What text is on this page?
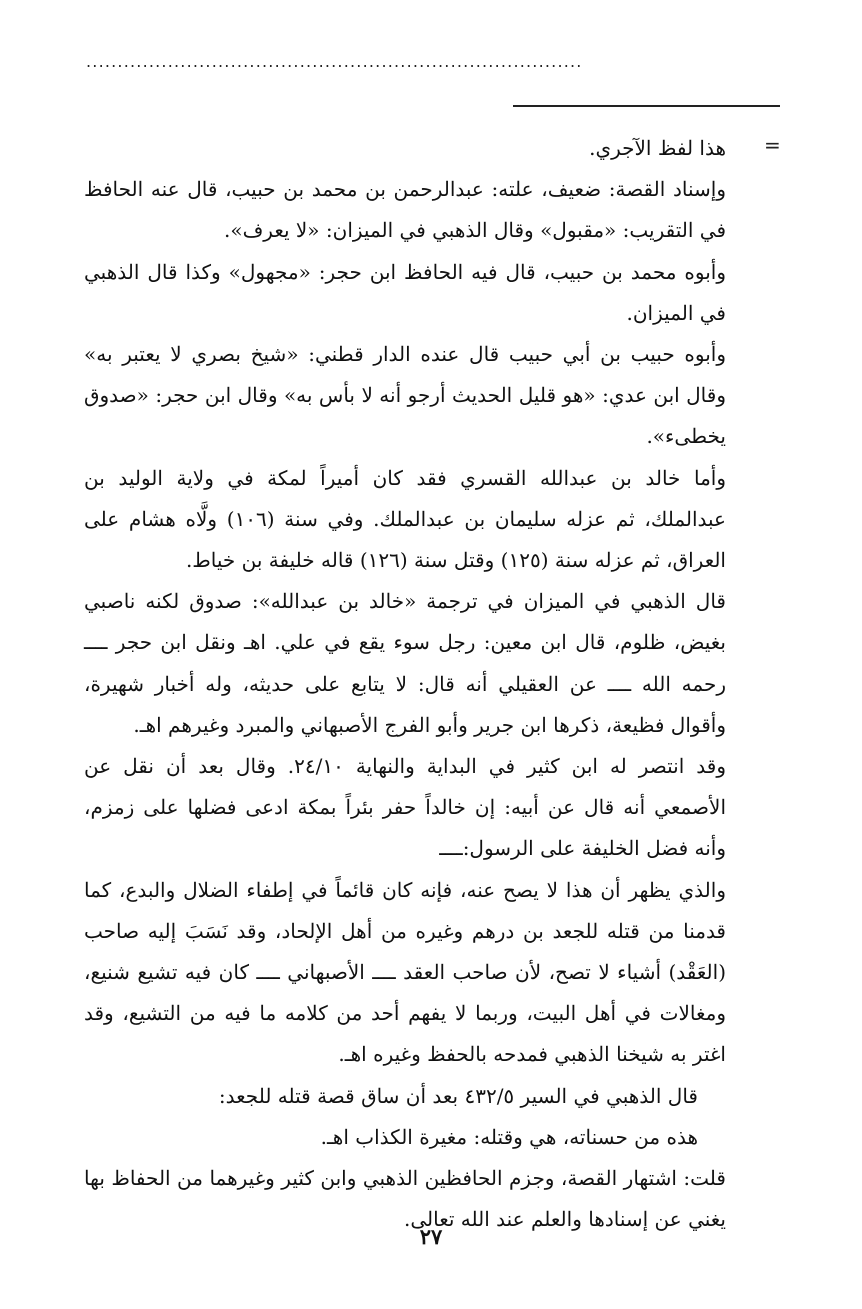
...............................................................................
=

هذا لفظ الآجري.

وإسناد القصة: ضعيف، علته: عبدالرحمن بن محمد بن حبيب، قال عنه الحافظ في التقريب: «مقبول» وقال الذهبي في الميزان: «لا يعرف».

وأبوه محمد بن حبيب، قال فيه الحافظ ابن حجر: «مجهول» وكذا قال الذهبي في الميزان.

وأبوه حبيب بن أبي حبيب قال عنده الدار قطني: «شيخ بصري لا يعتبر به» وقال ابن عدي: «هو قليل الحديث أرجو أنه لا بأس به» وقال ابن حجر: «صدوق يخطىء».

وأما خالد بن عبدالله القسري فقد كان أميراً لمكة في ولاية الوليد بن عبدالملك، ثم عزله سليمان بن عبدالملك. وفي سنة (١٠٦) ولَّاه هشام على العراق، ثم عزله سنة (١٢٥) وقتل سنة (١٢٦) قاله خليفة بن خياط.

قال الذهبي في الميزان في ترجمة «خالد بن عبدالله»: صدوق لكنه ناصبي بغيض، ظلوم، قال ابن معين: رجل سوء يقع في علي. اهـ ونقل ابن حجر ــــ رحمه الله ــــ عن العقيلي أنه قال: لا يتابع على حديثه، وله أخبار شهيرة، وأقوال فظيعة، ذكرها ابن جرير وأبو الفرج الأصبهاني والمبرد وغيرهم اهـ.

وقد انتصر له ابن كثير في البداية والنهاية ٢٤/١٠. وقال بعد أن نقل عن الأصمعي أنه قال عن أبيه: إن خالداً حفر بئراً بمكة ادعى فضلها على زمزم، وأنه فضل الخليفة على الرسول:ــــ

والذي يظهر أن هذا لا يصح عنه، فإنه كان قائماً في إطفاء الضلال والبدع، كما قدمنا من قتله للجعد بن درهم وغيره من أهل الإلحاد، وقد نَسَبَ إليه صاحب (العَقْد) أشياء لا تصح، لأن صاحب العقد ــــ الأصبهاني ــــ كان فيه تشيع شنيع، ومغالات في أهل البيت، وربما لا يفهم أحد من كلامه ما فيه من التشيع، وقد اغتر به شيخنا الذهبي فمدحه بالحفظ وغيره اهـ.

قال الذهبي في السير ٤٣٢/٥ بعد أن ساق قصة قتله للجعد:

هذه من حسناته، هي وقتله: مغيرة الكذاب اهـ.

قلت: اشتهار القصة، وجزم الحافظين الذهبي وابن كثير وغيرهما من الحفاظ بها يغني عن إسنادها والعلم عند الله تعالى.

٢٧
